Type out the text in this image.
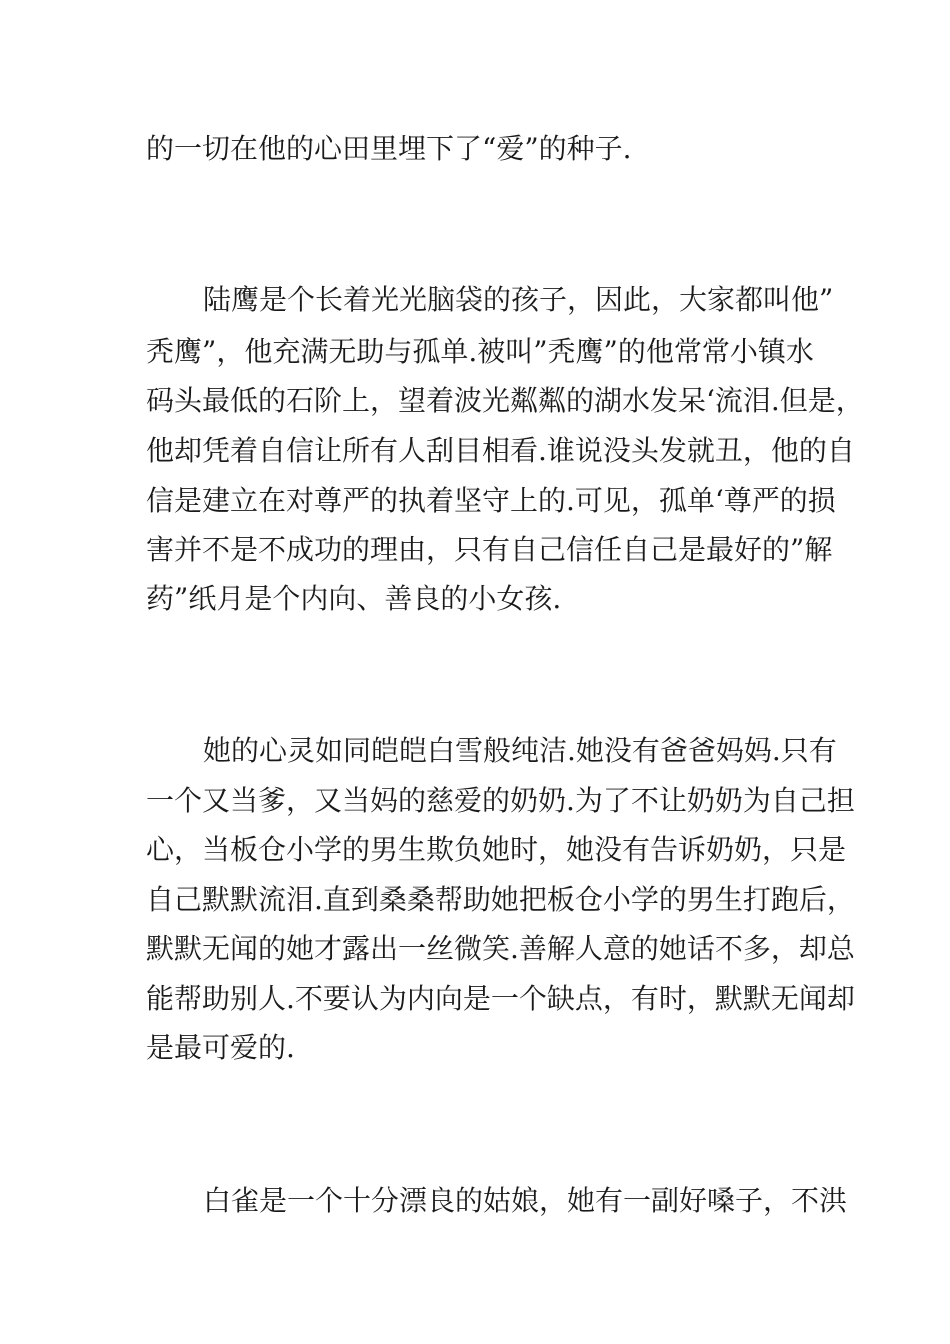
的一切在他的心田里埋下了“爱”的种子.
陆鹰是个长着光光脑袋的孩子，因此，大家都叫他”
秃鹰”，他充满无助与孤单.被叫”秃鹰”的他常常小镇水
码头最低的石阶上，望着波光粼粼的湖水发呆‘流泪.但是，
他却凭着自信让所有人刮目相看.谁说没头发就丑，他的自
信是建立在对尊严的执着坚守上的.可见，孤单‘尊严的损
害并不是不成功的理由，只有自己信任自己是最好的”解
药”纸月是个内向、善良的小女孩.
她的心灵如同皑皑白雪般纯洁.她没有爸爸妈妈.只有
一个又当爹，又当妈的慈爱的奶奶.为了不让奶奶为自己担
心，当板仓小学的男生欺负她时，她没有告诉奶奶，只是
自己默默流泪.直到桑桑帮助她把板仓小学的男生打跑后，
默默无闻的她才露出一丝微笑.善解人意的她话不多，却总
能帮助别人.不要认为内向是一个缺点，有时，默默无闻却
是最可爱的.
白雀是一个十分漂良的姑娘，她有一副好嗓子，不洪
